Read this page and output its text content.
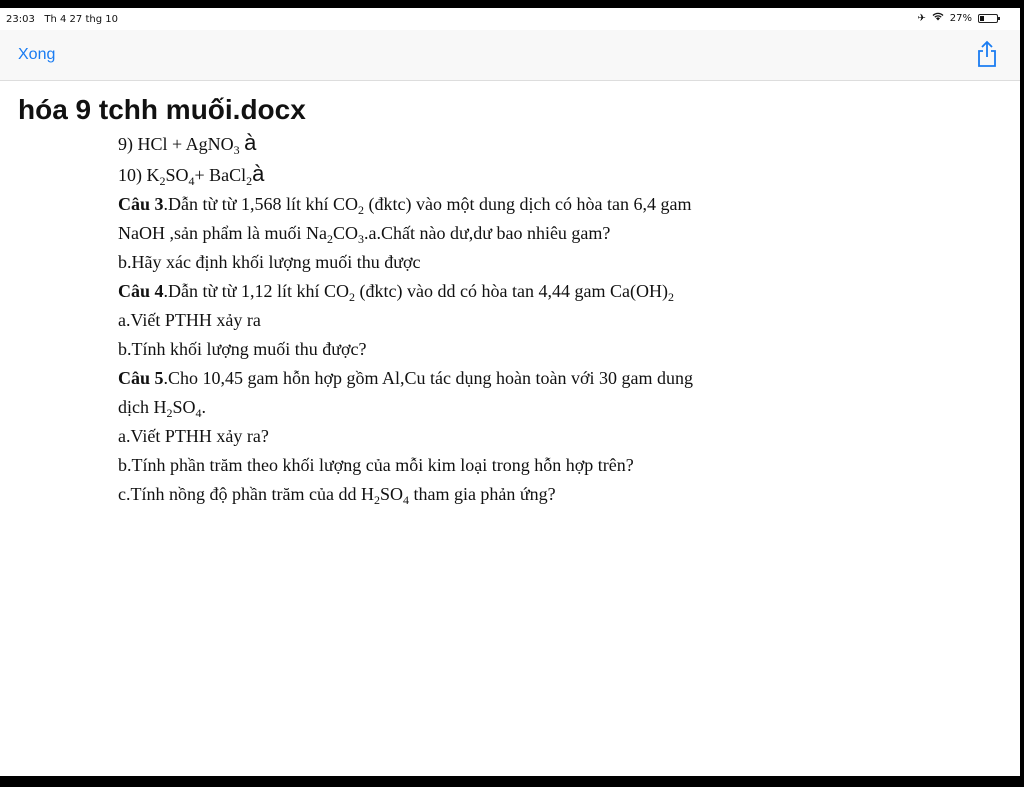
23:03 Th 4 27 thg 10	✈ 27%
Xong
hóa 9 tchh muối.docx
9) HCl + AgNO$_3$ à
10) $K_2SO_4+$ BaCl$_2$à
Câu 3.Dẫn từ từ 1,568 lít khí $CO_2$ (đktc) vào một dung dịch có hòa tan 6,4 gam
NaOH ,sản phẩm là muối $Na_2CO_3.a.Chất$ nào dư,dư bao nhiêu gam?
b.Hãy xác định khối lượng muối thu được
Câu 4.Dẫn từ từ 1,12 lít khí $CO_2$ (đktc) vào dd có hòa tan 4,44 gam $Ca(OH)_2$
a.Viết PTHH xảy ra
b.Tính khối lượng muối thu được?
Câu 5.Cho 10,45 gam hỗn hợp gồm Al,Cu tác dụng hoàn toàn với 30 gam dung
dịch $H_2SO_4$.
a.Viết PTHH xảy ra?
b.Tính phần trăm theo khối lượng của mỗi kim loại trong hỗn hợp trên?
c.Tính nồng độ phần trăm của dd $H_2SO_4$ tham gia phản ứng?
